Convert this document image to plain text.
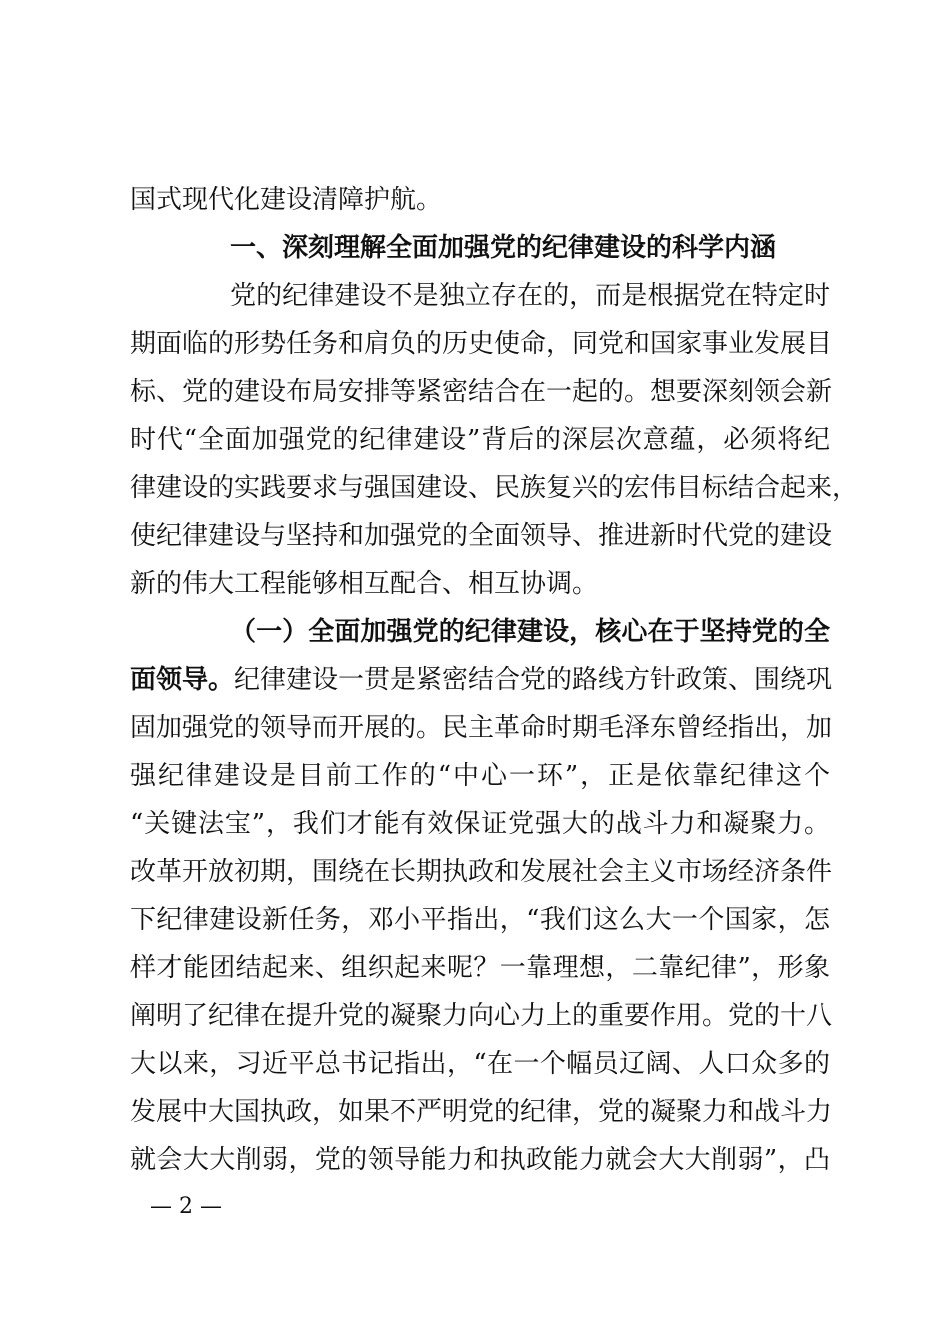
国式现代化建设清障护航。
一、深刻理解全面加强党的纪律建设的科学内涵
党的纪律建设不是独立存在的，而是根据党在特定时
期面临的形势任务和肩负的历史使命，同党和国家事业发展目
标、党的建设布局安排等紧密结合在一起的。想要深刻领会新
时代“全面加强党的纪律建设”背后的深层次意蕴，必须将纪
律建设的实践要求与强国建设、民族复兴的宏伟目标结合起来，
使纪律建设与坚持和加强党的全面领导、推进新时代党的建设
新的伟大工程能够相互配合、相互协调。
（一）全面加强党的纪律建设，核心在于坚持党的全
面领导。 纪律建设一贯是紧密结合党的路线方针政策、围绕巩
固加强党的领导而开展的。民主革命时期毛泽东曾经指出，加
强纪律建设是目前工作的“中心一环”，正是依靠纪律这个
“关键法宝”，我们才能有效保证党强大的战斗力和凝聚力。
改革开放初期，围绕在长期执政和发展社会主义市场经济条件
下纪律建设新任务，邓小平指出，“我们这么大一个国家，怎
样才能团结起来、组织起来呢？一靠理想，二靠纪律”，形象
阐明了纪律在提升党的凝聚力向心力上的重要作用。党的十八
大以来，习近平总书记指出，“在一个幅员辽阔、人口众多的
发展中大国执政，如果不严明党的纪律，党的凝聚力和战斗力
就会大大削弱，党的领导能力和执政能力就会大大削弱”，凸
— 2 —
